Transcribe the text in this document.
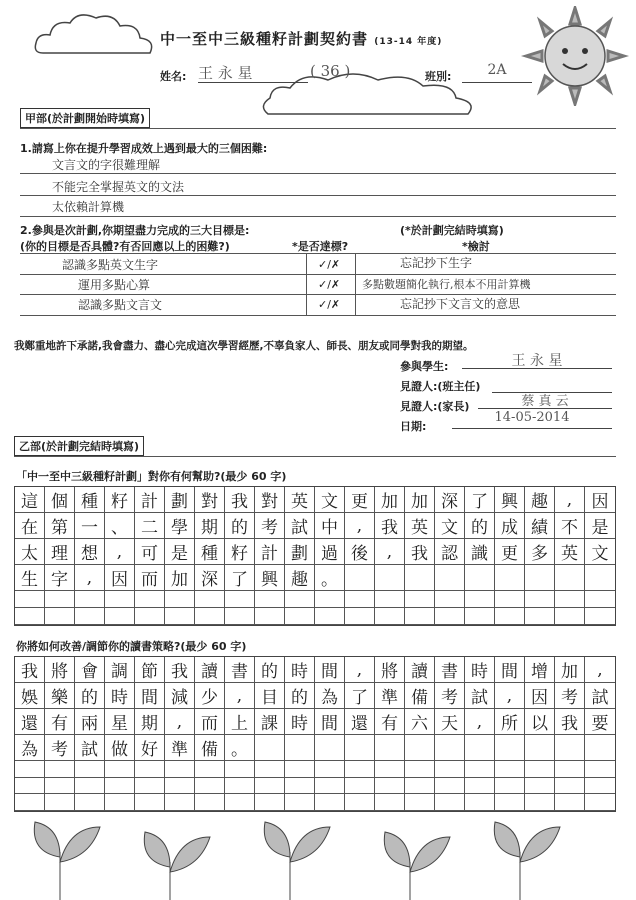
中一至中三級種籽計劃契約書 (13-14 年度)
姓名: 王 永 星	( 36 )	班別:	2A
甲部(於計劃開始時填寫)
1.請寫上你在提升學習成效上遇到最大的三個困難:
文言文的字很難理解
不能完全掌握英文的文法
太依賴計算機
2.參與是次計劃,你期望盡力完成的三大目標是:	(*於計劃完結時填寫)
(你的目標是否具體?有否回應以上的困難?)	*是否達標?	*檢討
認識多點英文生字	✓/✗	忘記抄下生字
運用多點心算	✓/✗ 多點數題簡化執行,根本不用計算機
認識多點文言文	✓/✗	忘記抄下文言文的意思
我鄭重地許下承諾,我會盡力、盡心完成這次學習經歷,不辜負家人、師長、朋友或同學對我的期望。
參與學生:	王 永 星
見證人:(班主任)
見證人:(家長)	蔡 真 云
日期:
14-05-2014
乙部(於計劃完結時填寫)
「中一至中三級種籽計劃」對你有何幫助?(最少 60 字)
這 個 種 籽 計 劃 對 我 對 英 文 更 加 加 深 了 興 趣	,	因
在 第 一 、 二 學 期 的 考 試 中	,	我 英 文 的 成 績 不 是
太 理 想	,	可 是 種 籽 計 劃 過 後	,	我 認 識 更 多 英 文
生 字	,	因 而 加 深 了 興 趣 。
你將如何改善/調節你的讀書策略?(最少 60 字)
我 將 會 調 節 我 讀 書 的 時 間	,	將 讀 書 時 間 增 加	,
娛 樂 的 時 間 減 少	,	目 的 為 了 準 備 考 試	,	因 考 試
還 有 兩 星 期	,	而 上 課 時 間 還 有 六 天	,	所 以 我 要
為 考 試 做 好 準 備 。
